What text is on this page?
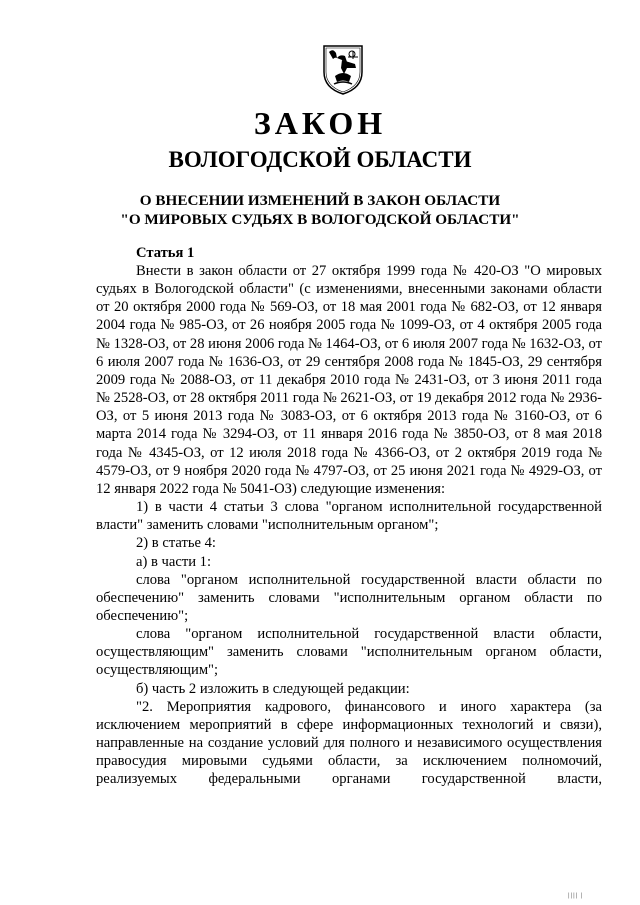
ЗАКОН
ВОЛОГОДСКОЙ ОБЛАСТИ
О ВНЕСЕНИИ ИЗМЕНЕНИЙ В ЗАКОН ОБЛАСТИ
"О МИРОВЫХ СУДЬЯХ В ВОЛОГОДСКОЙ ОБЛАСТИ"
Статья 1

Внести в закон области от 27 октября 1999 года № 420-ОЗ "О мировых судьях в Вологодской области" (с изменениями, внесенными законами области от 20 октября 2000 года № 569-ОЗ, от 18 мая 2001 года № 682-ОЗ, от 12 января 2004 года № 985-ОЗ, от 26 ноября 2005 года № 1099-ОЗ, от 4 октября 2005 года № 1328-ОЗ, от 28 июня 2006 года № 1464-ОЗ, от 6 июля 2007 года № 1632-ОЗ, от 6 июля 2007 года № 1636-ОЗ, от 29 сентября 2008 года № 1845-ОЗ, 29 сентября 2009 года № 2088-ОЗ, от 11 декабря 2010 года № 2431-ОЗ, от 3 июня 2011 года № 2528-ОЗ, от 28 октября 2011 года № 2621-ОЗ, от 19 декабря 2012 года № 2936-ОЗ, от 5 июня 2013 года № 3083-ОЗ, от 6 октября 2013 года № 3160-ОЗ, от 6 марта 2014 года № 3294-ОЗ, от 11 января 2016 года № 3850-ОЗ, от 8 мая 2018 года № 4345-ОЗ, от 12 июля 2018 года № 4366-ОЗ, от 2 октября 2019 года № 4579-ОЗ, от 9 ноября 2020 года № 4797-ОЗ, от 25 июня 2021 года № 4929-ОЗ, от 12 января 2022 года № 5041-ОЗ) следующие изменения:

1) в части 4 статьи 3 слова "органом исполнительной государственной власти" заменить словами "исполнительным органом";

2) в статье 4:

а) в части 1:

слова "органом исполнительной государственной власти области по обеспечению" заменить словами "исполнительным органом области по обеспечению";

слова "органом исполнительной государственной власти области, осуществляющим" заменить словами "исполнительным органом области, осуществляющим";

б) часть 2 изложить в следующей редакции:

"2. Мероприятия кадрового, финансового и иного характера (за исключением мероприятий в сфере информационных технологий и связи), направленные на создание условий для полного и независимого осуществления правосудия мировыми судьями области, за исключением полномочий, реализуемых федеральными органами государственной власти,

|||| |
